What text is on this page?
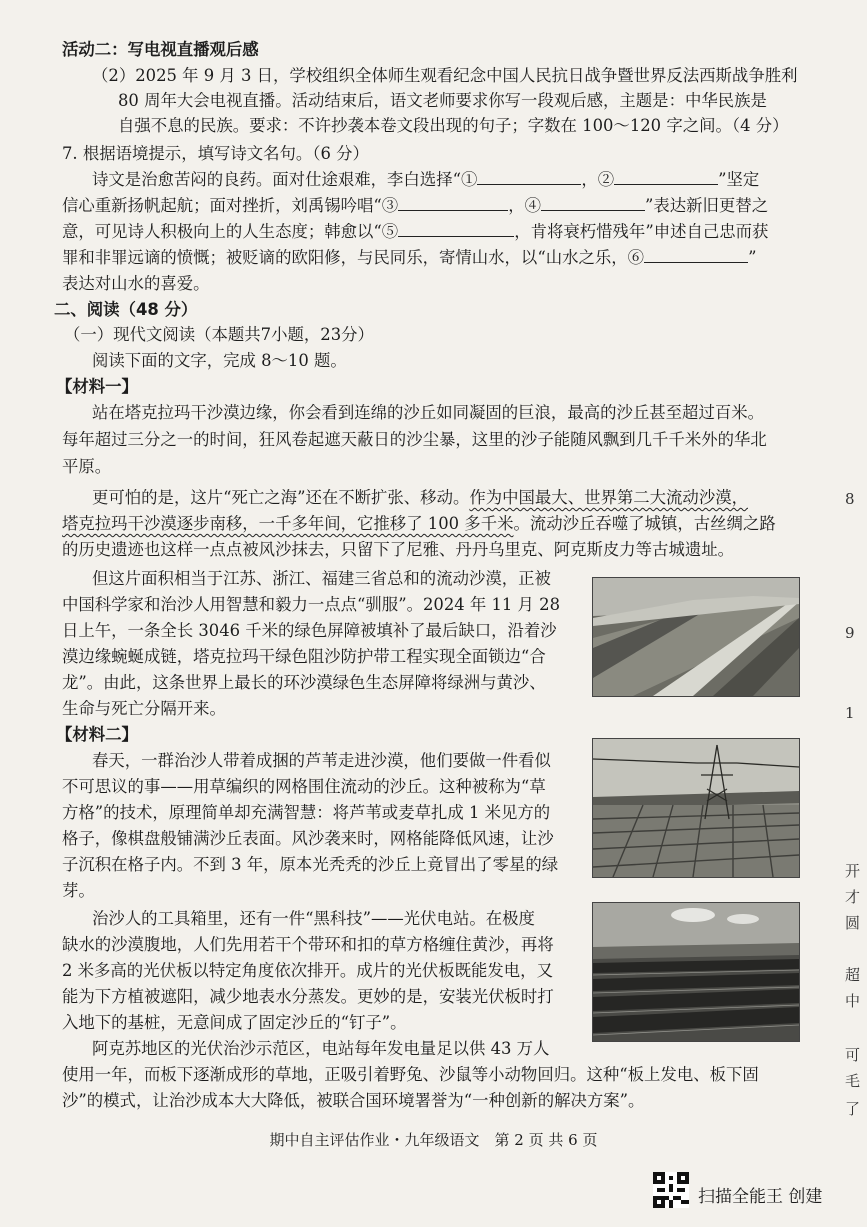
活动二：写电视直播观后感
（2）2025 年 9 月 3 日，学校组织全体师生观看纪念中国人民抗日战争暨世界反法西斯战争胜利
80 周年大会电视直播。活动结束后，语文老师要求你写一段观后感，主题是：中华民族是
自强不息的民族。要求：不许抄袭本卷文段出现的句子；字数在 100～120 字之间。（4 分）
7. 根据语境提示，填写诗文名句。（6 分）
诗文是治愈苦闷的良药。面对仕途艰难，李白选择“①	，②	”坚定
信心重新扬帆起航；面对挫折，刘禹锡吟唱“③	，④	”表达新旧更替之
意，可见诗人积极向上的人生态度；韩愈以“⑤	，肯将衰朽惜残年”申述自己忠而获
罪和非罪远谪的愤慨；被贬谪的欧阳修，与民同乐，寄情山水，以“山水之乐，⑥	”
表达对山水的喜爱。
二、阅读（48 分）
（一）现代文阅读（本题共7小题，23分）
阅读下面的文字，完成 8～10 题。
【材料一】
站在塔克拉玛干沙漠边缘，你会看到连绵的沙丘如同凝固的巨浪，最高的沙丘甚至超过百米。
每年超过三分之一的时间，狂风卷起遮天蔽日的沙尘暴，这里的沙子能随风飘到几千千米外的华北
平原。
更可怕的是，这片“死亡之海”还在不断扩张、移动。作为中国最大、世界第二大流动沙漠，
塔克拉玛干沙漠逐步南移，一千多年间，它推移了 100 多千米。流动沙丘吞噬了城镇，古丝绸之路
的历史遗迹也这样一点点被风沙抹去，只留下了尼雅、丹丹乌里克、阿克斯皮力等古城遗址。
但这片面积相当于江苏、浙江、福建三省总和的流动沙漠，正被
中国科学家和治沙人用智慧和毅力一点点“驯服”。2024 年 11 月 28
日上午，一条全长 3046 千米的绿色屏障被填补了最后缺口，沿着沙
漠边缘蜿蜒成链，塔克拉玛干绿色阻沙防护带工程实现全面锁边“合
龙”。由此，这条世界上最长的环沙漠绿色生态屏障将绿洲与黄沙、
生命与死亡分隔开来。
【材料二】
春天，一群治沙人带着成捆的芦苇走进沙漠，他们要做一件看似
不可思议的事——用草编织的网格围住流动的沙丘。这种被称为“草
方格”的技术，原理简单却充满智慧：将芦苇或麦草扎成 1 米见方的
格子，像棋盘般铺满沙丘表面。风沙袭来时，网格能降低风速，让沙
子沉积在格子内。不到 3 年，原本光秃秃的沙丘上竟冒出了零星的绿
芽。
治沙人的工具箱里，还有一件“黑科技”——光伏电站。在极度
缺水的沙漠腹地，人们先用若干个带环和扣的草方格缠住黄沙，再将
2 米多高的光伏板以特定角度依次排开。成片的光伏板既能发电，又
能为下方植被遮阳，减少地表水分蒸发。更妙的是，安装光伏板时打
入地下的基桩，无意间成了固定沙丘的“钉子”。
阿克苏地区的光伏治沙示范区，电站每年发电量足以供 43 万人
使用一年，而板下逐渐成形的草地，正吸引着野兔、沙鼠等小动物回归。这种“板上发电、板下固
沙”的模式，让治沙成本大大降低，被联合国环境署誉为“一种创新的解决方案”。
期中自主评估作业・九年级语文　第 2 页 共 6 页
扫描全能王 创建
8
9
1
开
才
圆
超
中
可
毛
了
